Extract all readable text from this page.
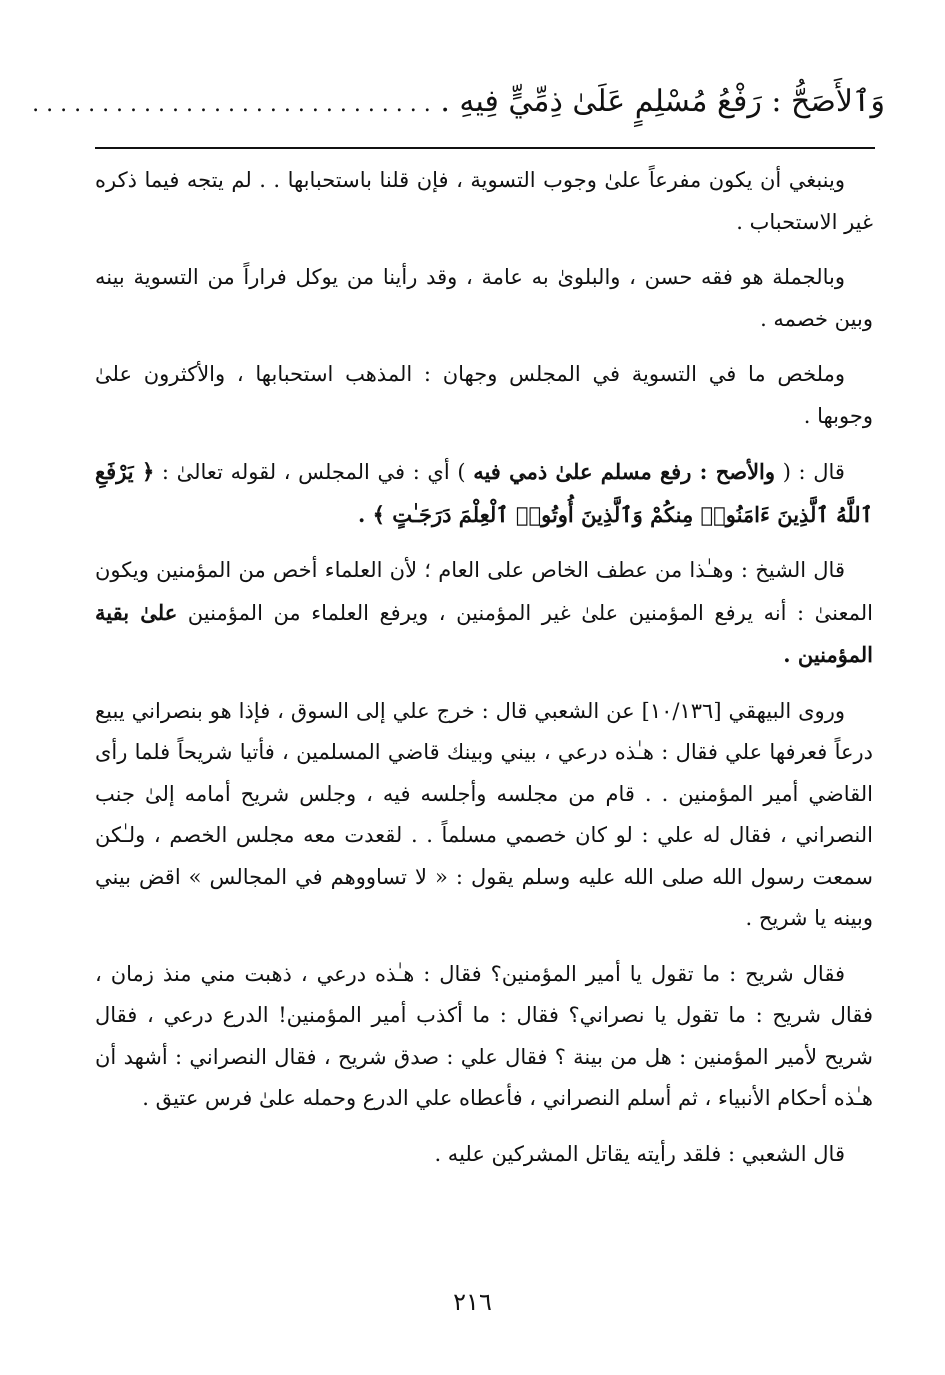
وَٱلأَصَحُّ : رَفْعُ مُسْلِمٍ عَلَىٰ ذِمِّيٍّ فِيهِ . . . . . . . . . . . . . . . . . . . . . . . . . . . . . .

وينبغي أن يكون مفرعاً علىٰ وجوب التسوية ، فإن قلنا باستحبابها . . لم يتجه فيما ذكره غير الاستحباب .

وبالجملة هو فقه حسن ، والبلوىٰ به عامة ، وقد رأينا من يوكل فراراً من التسوية بينه وبين خصمه .

وملخص ما في التسوية في المجلس وجهان : المذهب استحبابها ، والأكثرون علىٰ وجوبها .

قال : ( والأصح : رفع مسلم علىٰ ذمي فيه ) أي : في المجلس ، لقوله تعالىٰ : ﴿ يَرْفَعِ ٱللَّهُ ٱلَّذِينَ ءَامَنُوا۟ مِنكُمْ وَٱلَّذِينَ أُوتُوا۟ ٱلْعِلْمَ دَرَجَـٰتٍ ﴾ .

قال الشيخ : وهـٰذا من عطف الخاص على العام ؛ لأن العلماء أخص من المؤمنين ويكون المعنىٰ : أنه يرفع المؤمنين علىٰ غير المؤمنين ، ويرفع العلماء من المؤمنين علىٰ بقية المؤمنين .

وروى البيهقي [١٠/١٣٦] عن الشعبي قال : خرج علي إلى السوق ، فإذا هو بنصراني يبيع درعاً فعرفها علي فقال : هـٰذه درعي ، بيني وبينك قاضي المسلمين ، فأتيا شريحاً فلما رأى القاضي أمير المؤمنين . . قام من مجلسه وأجلسه فيه ، وجلس شريح أمامه إلىٰ جنب النصراني ، فقال له علي : لو كان خصمي مسلماً . . لقعدت معه مجلس الخصم ، ولـٰكن سمعت رسول الله صلى الله عليه وسلم يقول : « لا تساووهم في المجالس » اقض بيني وبينه يا شريح .

فقال شريح : ما تقول يا أمير المؤمنين؟ فقال : هـٰذه درعي ، ذهبت مني منذ زمان ، فقال شريح : ما تقول يا نصراني؟ فقال : ما أكذب أمير المؤمنين! الدرع درعي ، فقال شريح لأمير المؤمنين : هل من بينة ؟ فقال علي : صدق شريح ، فقال النصراني : أشهد أن هـٰذه أحكام الأنبياء ، ثم أسلم النصراني ، فأعطاه علي الدرع وحمله علىٰ فرس عتيق .

قال الشعبي : فلقد رأيته يقاتل المشركين عليه .

٢١٦
